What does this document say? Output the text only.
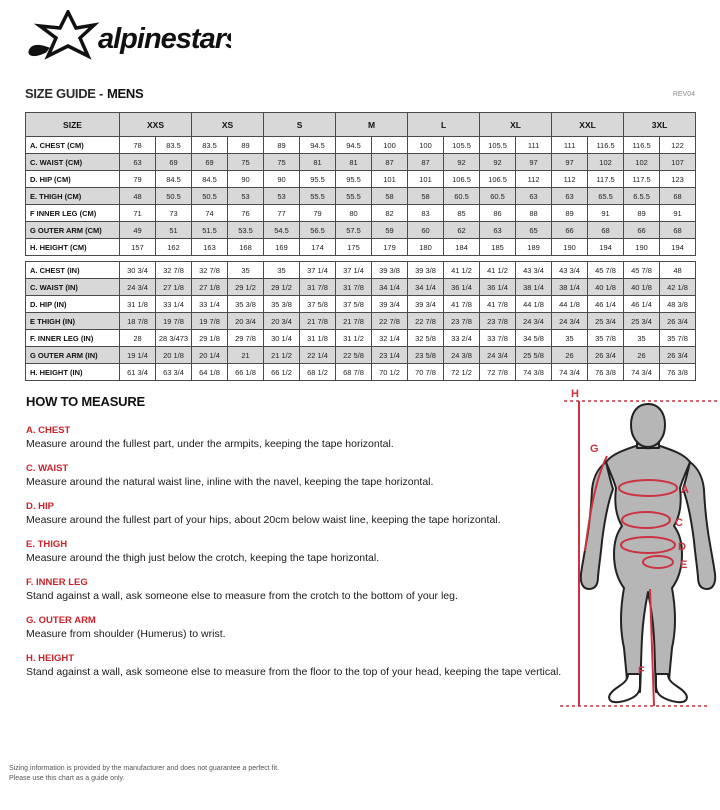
alpinestars
SIZE GUIDE - MENS	REV04
SIZE	XXS		XS		S		M		L		XL		XXL		3XL	
A. CHEST (CM)	78	83.5	83.5	89	89	94.5	94.5	100	100	105.5	105.5	111	111	116.5	116.5	122
C. WAIST (CM)	63	69	69	75	75	81	81	87	87	92	92	97	97	102	102	107
D. HIP (CM)	79	84.5	84.5	90	90	95.5	95.5	101	101	106.5	106.5	112	112	117.5	117.5	123
E. THIGH (CM)	48	50.5	50.5	53	53	55.5	55.5	58	58	60.5	60.5	63	63	65.5	6.5.5	68
F INNER LEG (CM)	71	73	74	76	77	79	80	82	83	85	86	88	89	91	89	91
G OUTER ARM (CM)	49	51	51.5	53.5	54.5	56.5	57.5	59	60	62	63	65	66	68	66	68
H. HEIGHT (CM)	157	162	163	168	169	174	175	179	180	184	185	189	190	194	190	194
A. CHEST (IN)	30 3/4	32 7/8	32 7/8	35	35	37 1/4	37 1/4	39 3/8	39 3/8	41 1/2	41 1/2	43 3/4	43 3/4	45 7/8	45 7/8	48
C. WAIST (IN)	24 3/4	27 1/8	27 1/8	29 1/2	29 1/2	31 7/8	31 7/8	34 1/4	34 1/4	36 1/4	36 1/4	38 1/4	38 1/4	40 1/8	40 1/8	42 1/8
D. HIP (IN)	31 1/8	33 1/4	33 1/4	35 3/8	35 3/8	37 5/8	37 5/8	39 3/4	39 3/4	41 7/8	41 7/8	44 1/8	44 1/8	46 1/4	46 1/4	48 3/8
E THIGH (IN)	18 7/8	19 7/8	19 7/8	20 3/4	20 3/4	21 7/8	21 7/8	22 7/8	22 7/8	23 7/8	23 7/8	24 3/4	24 3/4	25 3/4	25 3/4	26 3/4
F. INNER LEG (IN)	28	28 3/473	29 1/8	29 7/8	30 1/4	31 1/8	31 1/2	32 1/4	32 5/8	33 2/4	33 7/8	34 5/8	35	35 7/8	35	35 7/8
G OUTER ARM (IN)	19 1/4	20 1/8	20 1/4	21	21 1/2	22 1/4	22 5/8	23 1/4	23 5/8	24 3/8	24 3/4	25 5/8	26	26 3/4	26	26 3/4
H. HEIGHT (IN)	61 3/4	63 3/4	64 1/8	66 1/8	66 1/2	68 1/2	68 7/8	70 1/2	70 7/8	72 1/2	72 7/8	74 3/8	74 3/4	76 3/8	74 3/4	76 3/8
HOW TO MEASURE
A. CHEST

Measure around the fullest part, under the armpits, keeping the tape horizontal.

C. WAIST

Measure around the natural waist line, inline with the navel, keeping the tape horizontal.

D. HIP

Measure around the fullest part of your hips, about 20cm below waist line, keeping the tape horizontal.

E. THIGH

Measure around the thigh just below the crotch, keeping the tape horizontal.

F. INNER LEG

Stand against a wall, ask someone else to measure from the crotch to the bottom of your leg.

G. OUTER ARM

Measure from shoulder (Humerus) to wrist.

H. HEIGHT

Stand against a wall, ask someone else to measure from the floor to the top of your head, keeping the tape vertical.

H
G
A
C
D
E
F
Sizing information is provided by the manufacturer and does not guarantee a perfect fit.
Please use this chart as a guide only.
